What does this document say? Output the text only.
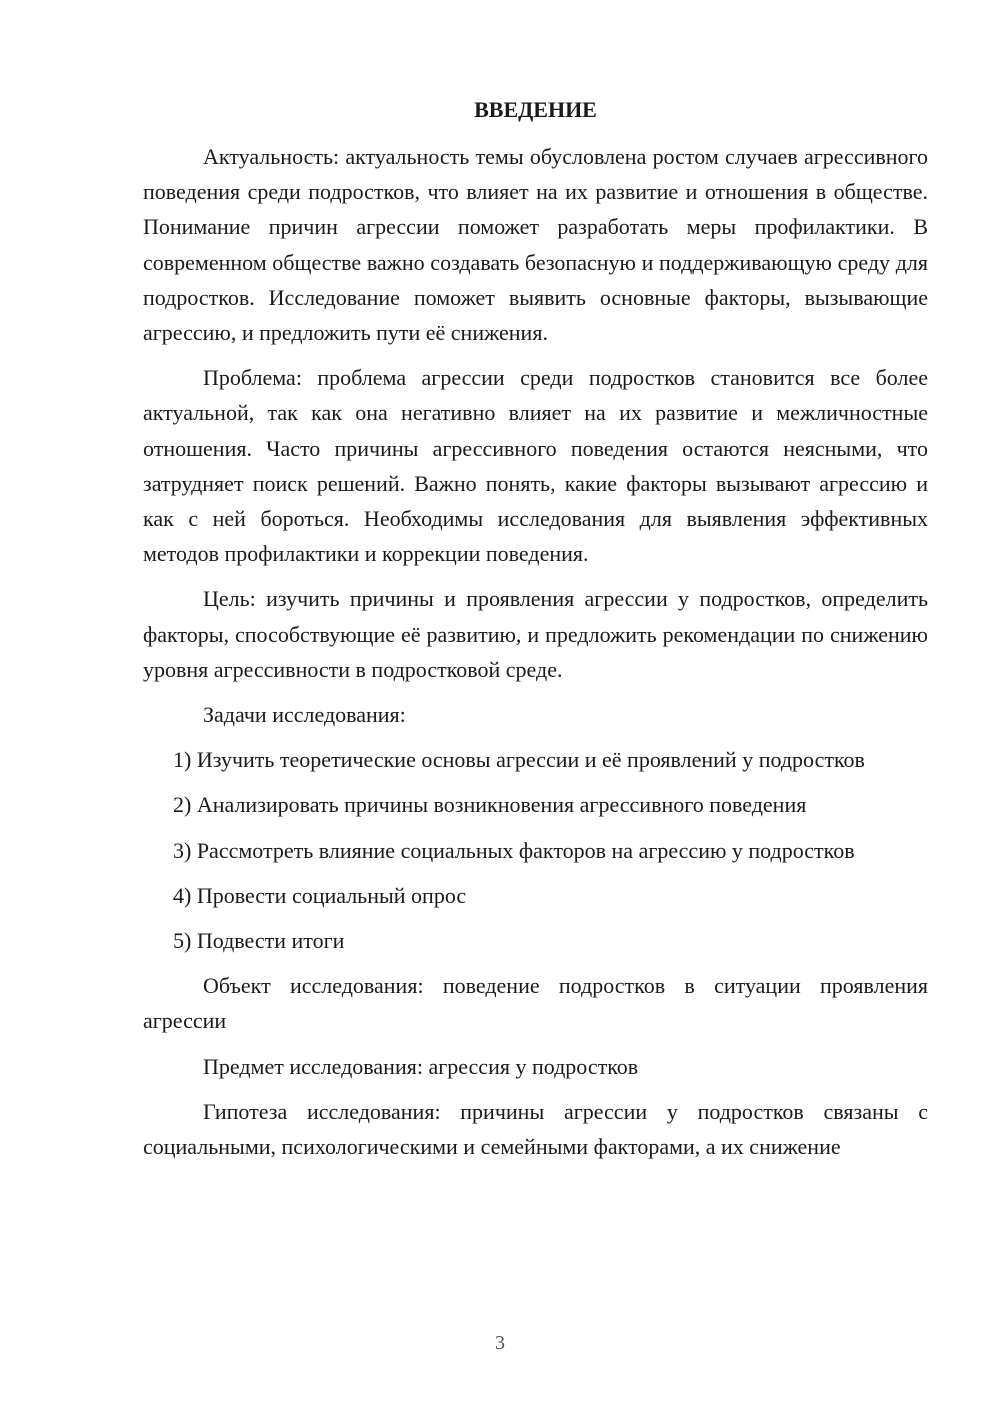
ВВЕДЕНИЕ

Актуальность: актуальность темы обусловлена ростом случаев агрессивного поведения среди подростков, что влияет на их развитие и отношения в обществе. Понимание причин агрессии поможет разработать меры профилактики. В современном обществе важно создавать безопасную и поддерживающую среду для подростков. Исследование поможет выявить основные факторы, вызывающие агрессию, и предложить пути её снижения.

Проблема: проблема агрессии среди подростков становится все более актуальной, так как она негативно влияет на их развитие и межличностные отношения. Часто причины агрессивного поведения остаются неясными, что затрудняет поиск решений. Важно понять, какие факторы вызывают агрессию и как с ней бороться. Необходимы исследования для выявления эффективных методов профилактики и коррекции поведения.

Цель: изучить причины и проявления агрессии у подростков, определить факторы, способствующие её развитию, и предложить рекомендации по снижению уровня агрессивности в подростковой среде.

Задачи исследования:

1) Изучить теоретические основы агрессии и её проявлений у подростков

2) Анализировать причины возникновения агрессивного поведения

3) Рассмотреть влияние социальных факторов на агрессию у подростков

4) Провести социальный опрос

5) Подвести итоги

Объект исследования: поведение подростков в ситуации проявления агрессии

Предмет исследования: агрессия у подростков

Гипотеза исследования: причины агрессии у подростков связаны с социальными, психологическими и семейными факторами, а их снижение

3
